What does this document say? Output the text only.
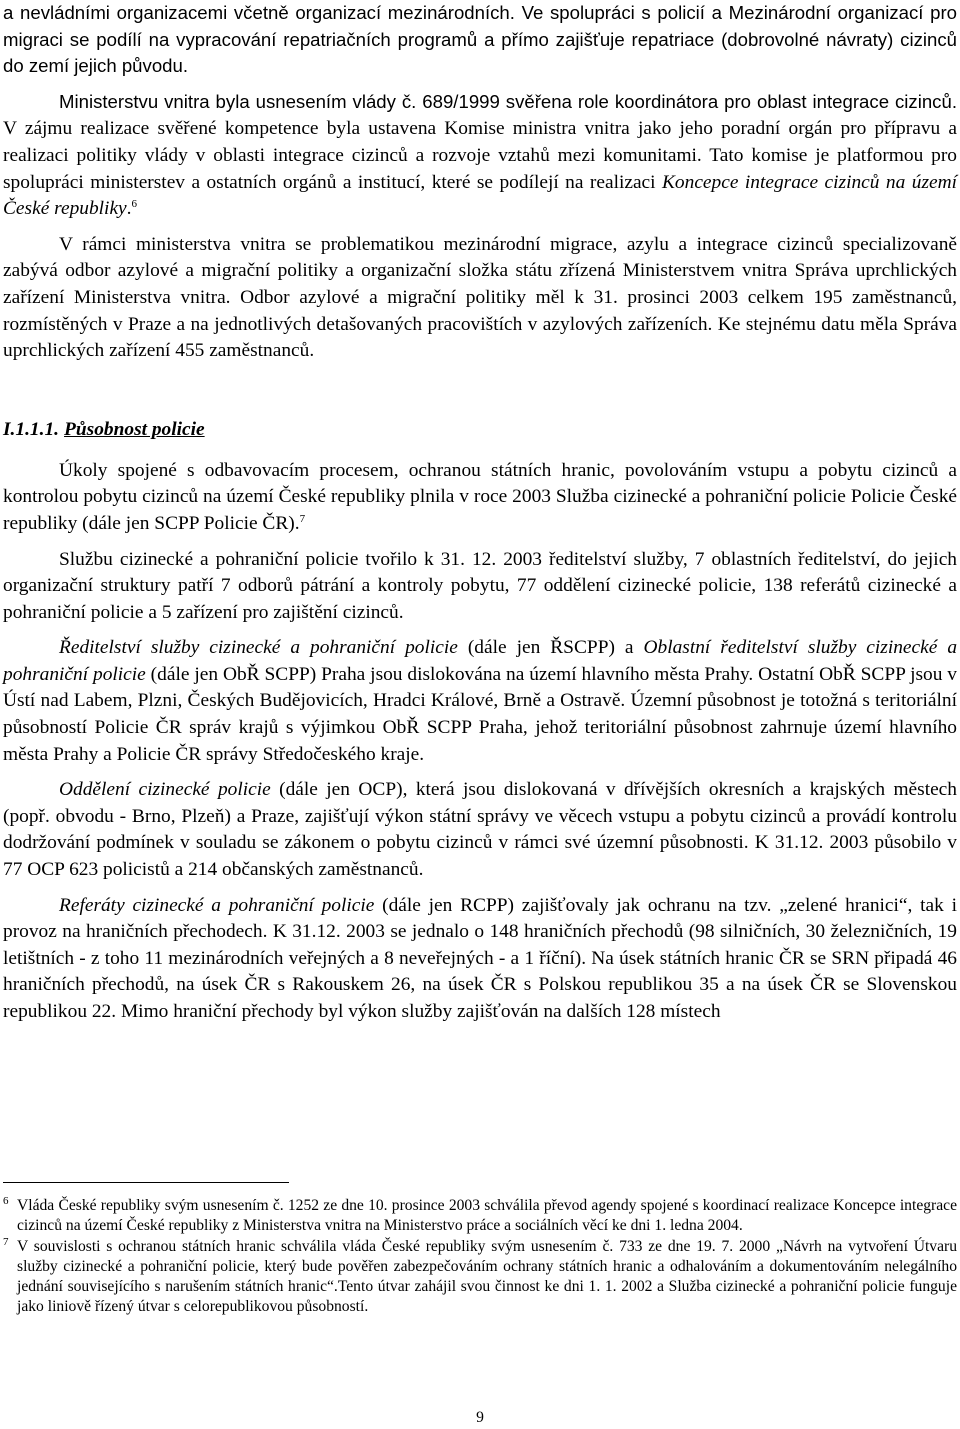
a nevládními organizacemi včetně organizací mezinárodních. Ve spolupráci s policií a Mezinárodní organizací pro migraci se podílí na vypracování repatriačních programů a přímo zajišťuje repatriace (dobrovolné návraty) cizinců do zemí jejich původu.

Ministerstvu vnitra byla usnesením vlády č. 689/1999 svěřena role koordinátora pro oblast integrace cizinců. V zájmu realizace svěřené kompetence byla ustavena Komise ministra vnitra jako jeho poradní orgán pro přípravu a realizaci politiky vlády v oblasti integrace cizinců a rozvoje vztahů mezi komunitami. Tato komise je platformou pro spolupráci ministerstev a ostatních orgánů a institucí, které se podílejí na realizaci Koncepce integrace cizinců na území České republiky.$^6$

V rámci ministerstva vnitra se problematikou mezinárodní migrace, azylu a integrace cizinců specializovaně zabývá odbor azylové a migrační politiky a organizační složka státu zřízená Ministerstvem vnitra Správa uprchlických zařízení Ministerstva vnitra. Odbor azylové a migrační politiky měl k 31. prosinci 2003 celkem 195 zaměstnanců, rozmístěných v Praze a na jednotlivých detašovaných pracovištích v azylových zařízeních. Ke stejnému datu měla Správa uprchlických zařízení 455 zaměstnanců.

I.1.1.1. Působnost policie

Úkoly spojené s odbavovacím procesem, ochranou státních hranic, povolováním vstupu a pobytu cizinců a kontrolou pobytu cizinců na území České republiky plnila v roce 2003 Služba cizinecké a pohraniční policie Policie České republiky (dále jen SCPP Policie ČR).$^7$

Službu cizinecké a pohraniční policie tvořilo k 31. 12. 2003 ředitelství služby, 7 oblastních ředitelství, do jejich organizační struktury patří 7 odborů pátrání a kontroly pobytu, 77 oddělení cizinecké policie, 138 referátů cizinecké a pohraniční policie a 5 zařízení pro zajištění cizinců.

Ředitelství služby cizinecké a pohraniční policie (dále jen ŘSCPP) a Oblastní ředitelství služby cizinecké a pohraniční policie (dále jen ObŘ SCPP) Praha jsou dislokována na území hlavního města Prahy. Ostatní ObŘ SCPP jsou v Ústí nad Labem, Plzni, Českých Budějovicích, Hradci Králové, Brně a Ostravě. Územní působnost je totožná s teritoriální působností Policie ČR správ krajů s výjimkou ObŘ SCPP Praha, jehož teritoriální působnost zahrnuje území hlavního města Prahy a Policie ČR správy Středočeského kraje.

Oddělení cizinecké policie (dále jen OCP), která jsou dislokovaná v dřívějších okresních a krajských městech (popř. obvodu - Brno, Plzeň) a Praze, zajišťují výkon státní správy ve věcech vstupu a pobytu cizinců a provádí kontrolu dodržování podmínek v souladu se zákonem o pobytu cizinců v rámci své územní působnosti. K 31.12. 2003 působilo v 77 OCP 623 policistů a 214 občanských zaměstnanců.

Referáty cizinecké a pohraniční policie (dále jen RCPP) zajišťovaly jak ochranu na tzv. „zelené hranici“, tak i provoz na hraničních přechodech. K 31.12. 2003 se jednalo o 148 hraničních přechodů (98 silničních, 30 železničních, 19 letištních - z toho 11 mezinárodních veřejných a 8 neveřejných - a 1 říční). Na úsek státních hranic ČR se SRN připadá 46 hraničních přechodů, na úsek ČR s Rakouskem 26, na úsek ČR s Polskou republikou 35 a na úsek ČR se Slovenskou republikou 22. Mimo hraniční přechody byl výkon služby zajišťován na dalších 128 místech

6 Vláda České republiky svým usnesením č. 1252 ze dne 10. prosince 2003 schválila převod agendy spojené s koordinací realizace Koncepce integrace cizinců na území České republiky z Ministerstva vnitra na Ministerstvo práce a sociálních věcí ke dni 1. ledna 2004.
7 V souvislosti s ochranou státních hranic schválila vláda České republiky svým usnesením č. 733 ze dne 19. 7. 2000 „Návrh na vytvoření Útvaru služby cizinecké a pohraniční policie, který bude pověřen zabezpečováním ochrany státních hranic a odhalováním a dokumentováním nelegálního jednání souvisejícího s narušením státních hranic“.Tento útvar zahájil svou činnost ke dni 1. 1. 2002 a Služba cizinecké a pohraniční policie funguje jako liniově řízený útvar s celorepublikovou působností.
9
